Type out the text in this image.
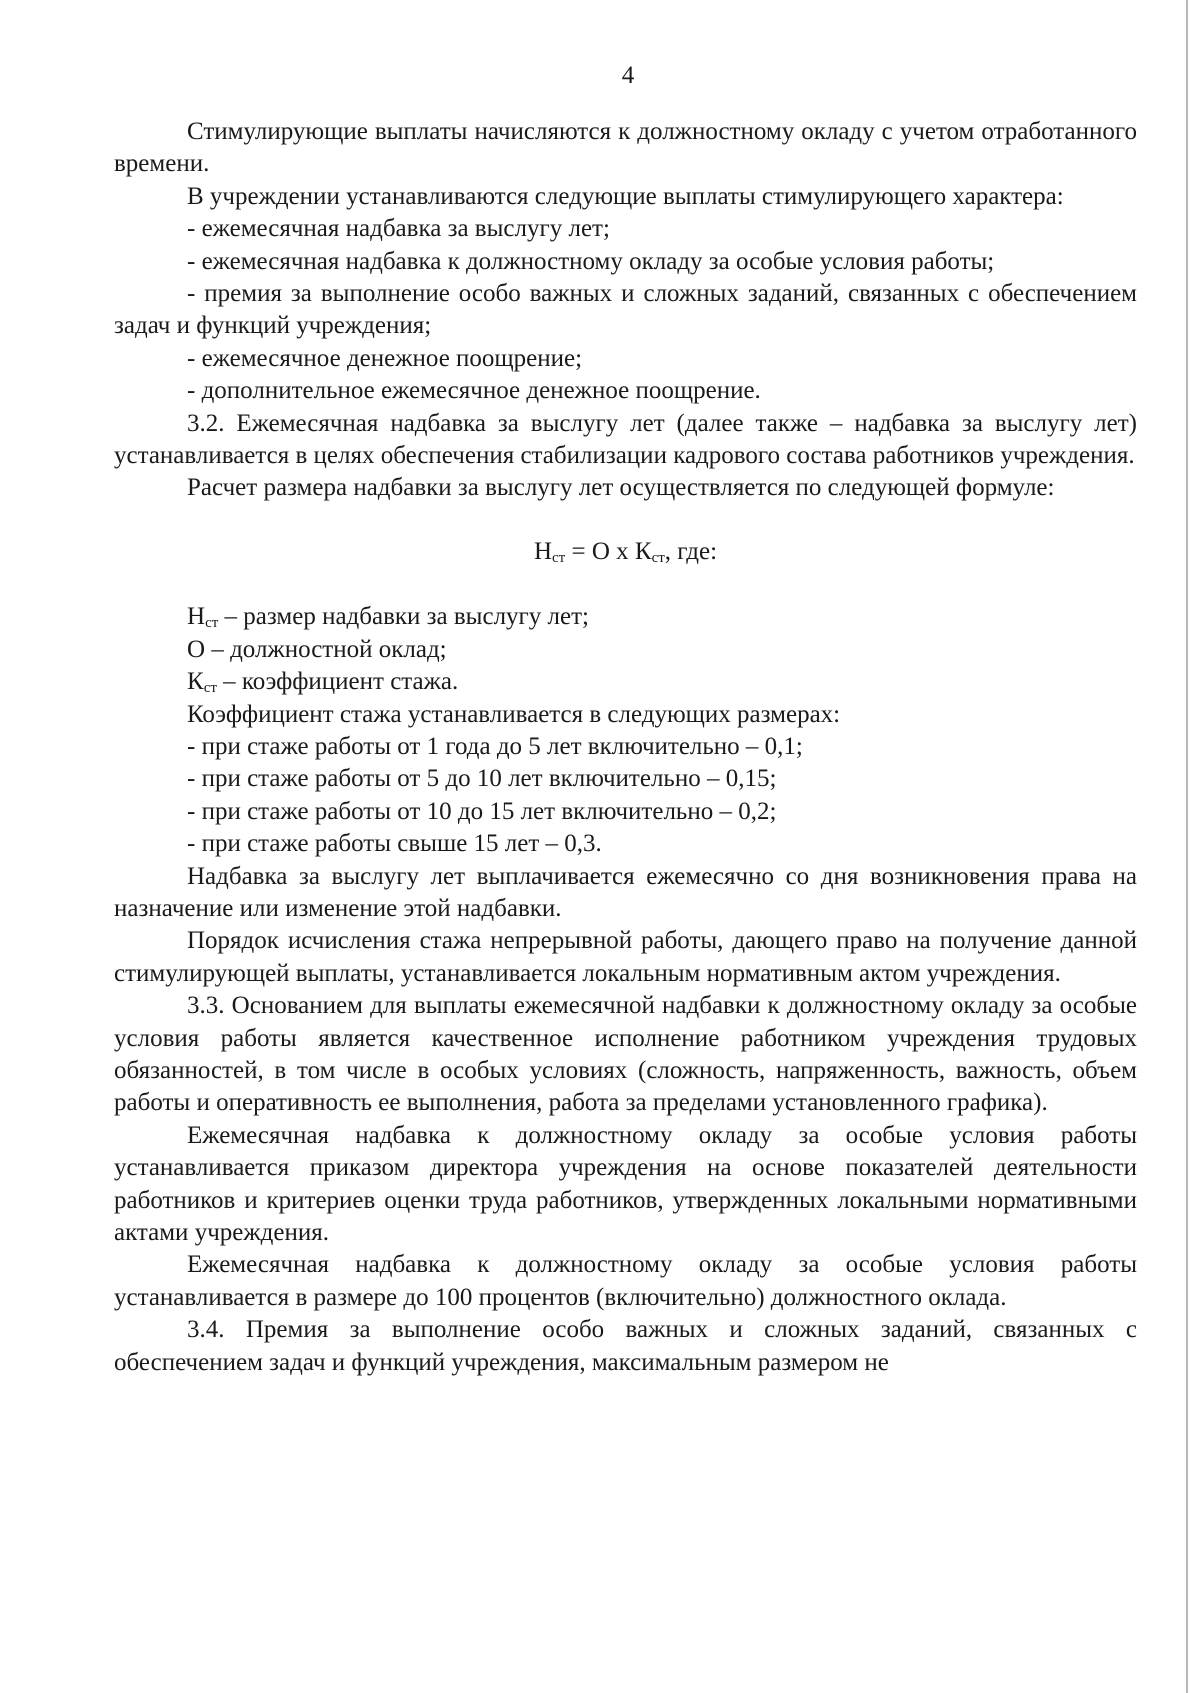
4

Стимулирующие выплаты начисляются к должностному окладу с учетом отработанного времени.

В учреждении устанавливаются следующие выплаты стимулирующего характера:

- ежемесячная надбавка за выслугу лет;

- ежемесячная надбавка к должностному окладу за особые условия работы;

- премия за выполнение особо важных и сложных заданий, связанных с обеспечением задач и функций учреждения;

- ежемесячное денежное поощрение;

- дополнительное ежемесячное денежное поощрение.

3.2. Ежемесячная надбавка за выслугу лет (далее также – надбавка за выслугу лет) устанавливается в целях обеспечения стабилизации кадрового состава работников учреждения.

Расчет размера надбавки за выслугу лет осуществляется по следующей формуле:

$Н_{ст} = О$ х $К_{ст}$, где:

$Н_{ст}$ – размер надбавки за выслугу лет;

О – должностной оклад;

$К_{ст}$ – коэффициент стажа.

Коэффициент стажа устанавливается в следующих размерах:

- при стаже работы от 1 года до 5 лет включительно – 0,1;

- при стаже работы от 5 до 10 лет включительно – 0,15;

- при стаже работы от 10 до 15 лет включительно – 0,2;

- при стаже работы свыше 15 лет – 0,3.

Надбавка за выслугу лет выплачивается ежемесячно со дня возникновения права на назначение или изменение этой надбавки.

Порядок исчисления стажа непрерывной работы, дающего право на получение данной стимулирующей выплаты, устанавливается локальным нормативным актом учреждения.

3.3. Основанием для выплаты ежемесячной надбавки к должностному окладу за особые условия работы является качественное исполнение работником учреждения трудовых обязанностей, в том числе в особых условиях (сложность, напряженность, важность, объем работы и оперативность ее выполнения, работа за пределами установленного графика).

Ежемесячная надбавка к должностному окладу за особые условия работы устанавливается приказом директора учреждения на основе показателей деятельности работников и критериев оценки труда работников, утвержденных локальными нормативными актами учреждения.

Ежемесячная надбавка к должностному окладу за особые условия работы устанавливается в размере до 100 процентов (включительно) должностного оклада.

3.4. Премия за выполнение особо важных и сложных заданий, связанных с обеспечением задач и функций учреждения, максимальным размером не
